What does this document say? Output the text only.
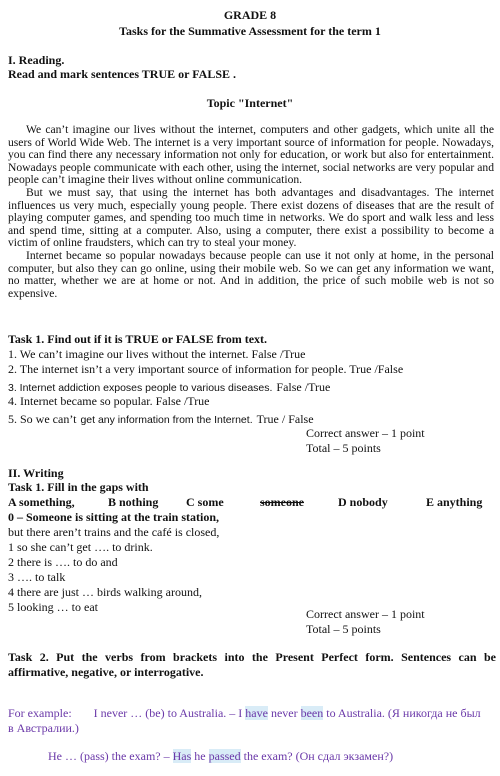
GRADE 8
Tasks for the Summative Assessment for the term 1
I. Reading.
Read and mark sentences TRUE or FALSE .
Topic "Internet"

We can’t imagine our lives without the internet, computers and other gadgets, which unite all the users of World Wide Web. The internet is a very important source of information for people. Nowadays, you can find there any necessary information not only for education, or work but also for entertainment. Nowadays people communicate with each other, using the internet, social networks are very popular and people can’t imagine their lives without online communication.

But we must say, that using the internet has both advantages and disadvantages. The internet influences us very much, especially young people. There exist dozens of diseases that are the result of playing computer games, and spending too much time in networks. We do sport and walk less and less and spend time, sitting at a computer. Also, using a computer, there exist a possibility to become a victim of online fraudsters, which can try to steal your money.

Internet became so popular nowadays because people can use it not only at home, in the personal computer, but also they can go online, using their mobile web. So we can get any information we want, no matter, whether we are at home or not. And in addition, the price of such mobile web is not so expensive.

Task 1. Find out if it is TRUE or FALSE from text.
1. We can’t imagine our lives without the internet. False /True
2. The internet isn’t a very important source of information for people. True /False
3. Internet addiction exposes people to various diseases. False /True
4. Internet became so popular. False /True
5. So we can’t get any information from the Internet. True / False
Correct answer – 1 point
Total – 5 points
II. Writing
Task 1. Fill in the gaps with
A something,	B nothing C some	someone	D nobody	E anything
0 – Someone is sitting at the train station,
but there aren’t trains and the café is closed,
1 so she can’t get …. to drink.
2 there is …. to do and
3 …. to talk
4 there are just … birds walking around,
5 looking … to eat	Correct answer – 1 point
Total – 5 points
Task 2. Put the verbs from brackets into the Present Perfect form. Sentences can be
affirmative, negative, or interrogative.
For example: I never … (be) to Australia. – I have never been to Australia. (Я никогда не был
в Австралии.)
He … (pass) the exam? – Has he passed the exam? (Он сдал экзамен?)
